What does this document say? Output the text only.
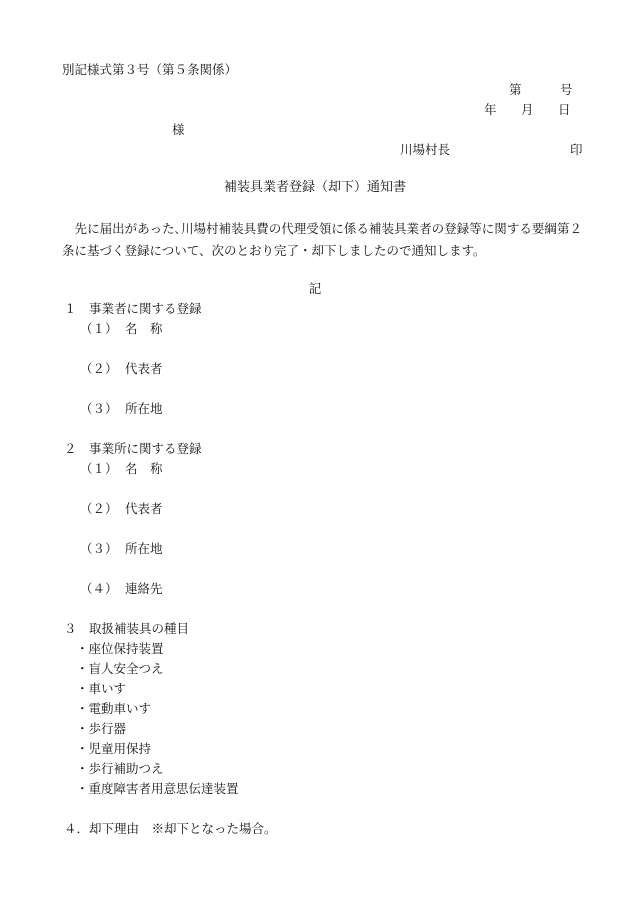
別記様式第３号（第５条関係）
第	号
年 月 日
様
川場村長	印
補装具業者登録（却下）通知書
先に届出があった､川場村補装具費の代理受領に係る補装具業者の登録等に関する要綱第２条に基づく登録について、次のとおり完了・却下しましたので通知します。
記
１　事業者に関する登録
（１） 名　称
（２） 代表者
（３） 所在地
２　事業所に関する登録
（１） 名　称
（２） 代表者
（３） 所在地
（４） 連絡先
３　取扱補装具の種目
・座位保持装置
・盲人安全つえ
・車いす
・電動車いす
・歩行器
・児童用保持
・歩行補助つえ
・重度障害者用意思伝達装置
４．却下理由　※却下となった場合。
